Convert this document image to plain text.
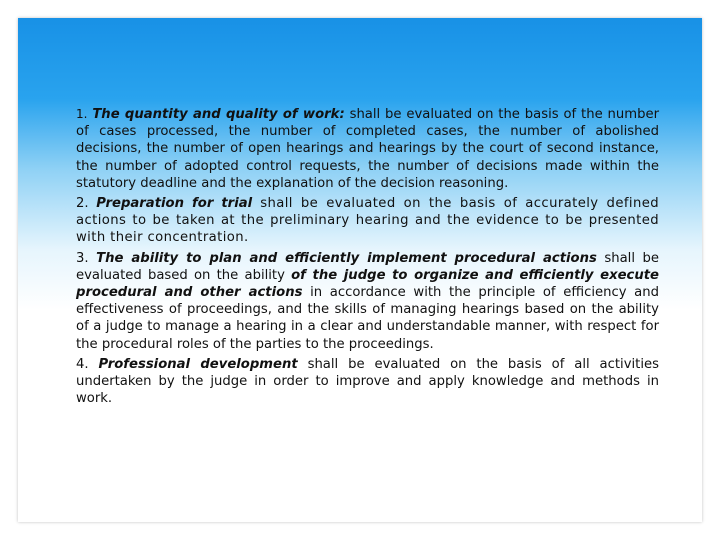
1. The quantity and quality of work: shall be evaluated on the basis of the number of cases processed, the number of completed cases, the number of abolished decisions, the number of open hearings and hearings by the court of second instance, the number of adopted control requests, the number of decisions made within the statutory deadline and the explanation of the decision reasoning.

2. Preparation for trial shall be evaluated on the basis of accurately defined actions to be taken at the preliminary hearing and the evidence to be presented with their concentration.

3. The ability to plan and efficiently implement procedural actions shall be evaluated based on the ability of the judge to organize and efficiently execute procedural and other actions in accordance with the principle of efficiency and effectiveness of proceedings, and the skills of managing hearings based on the ability of a judge to manage a hearing in a clear and understandable manner, with respect for the procedural roles of the parties to the proceedings.

4. Professional development shall be evaluated on the basis of all activities undertaken by the judge in order to improve and apply knowledge and methods in work.
